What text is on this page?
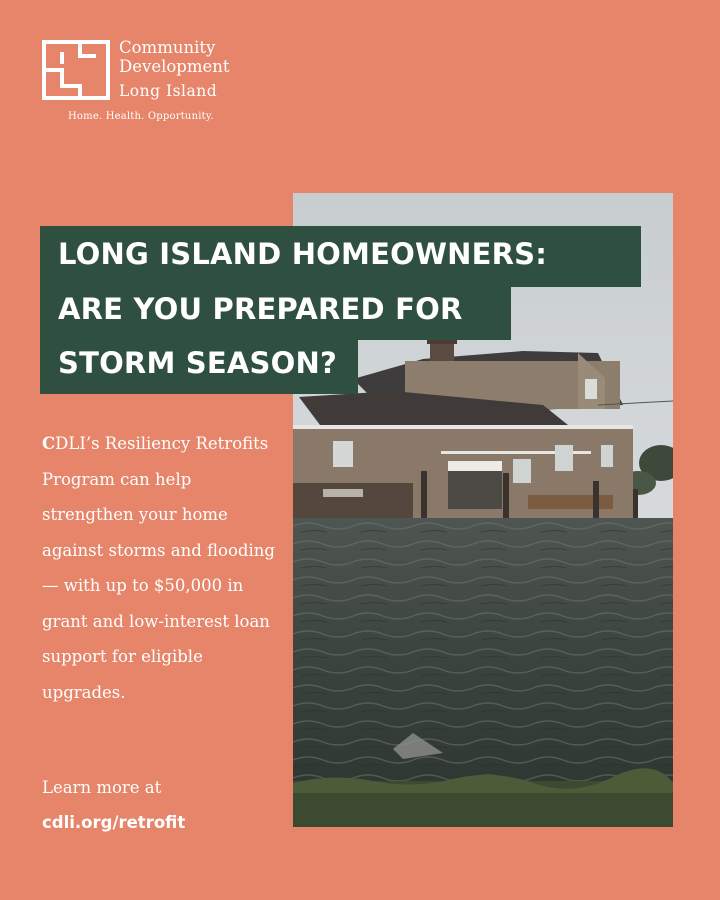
Community
Development
Long Island
Home. Health. Opportunity.
LONG ISLAND HOMEOWNERS:
ARE YOU PREPARED FOR
STORM SEASON?
CDLI’s Resiliency Retrofits Program can help strengthen your home against storms and flooding — with up to $50,000 in grant and low-interest loan support for eligible upgrades.
Learn more at
cdli.org/retrofit
